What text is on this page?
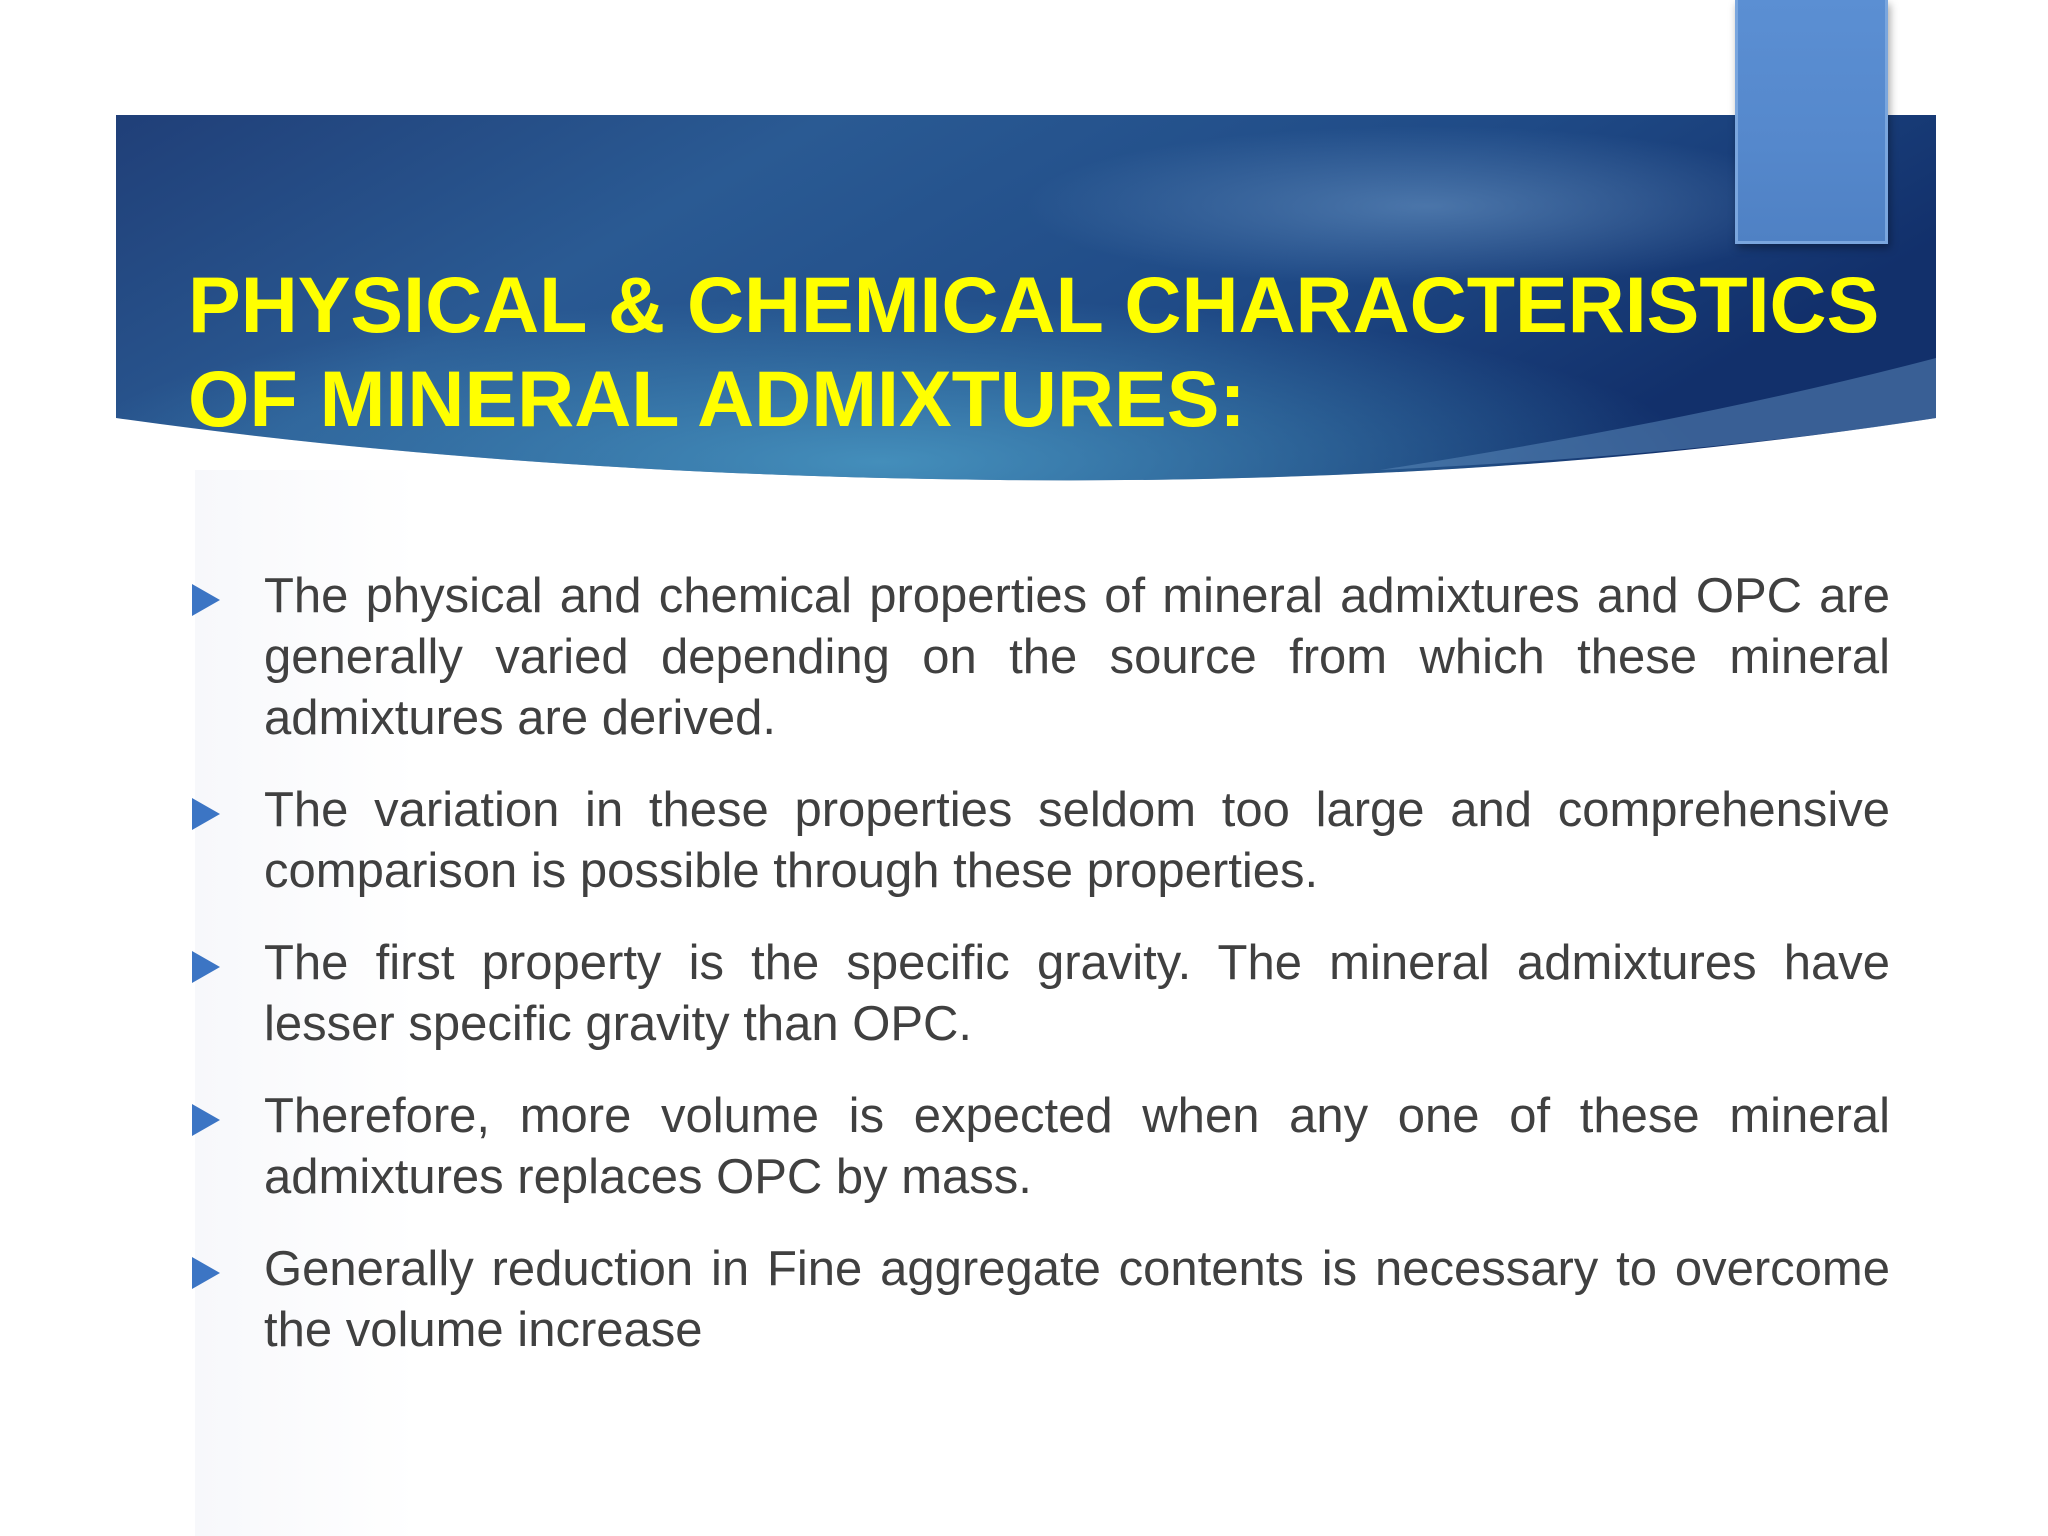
PHYSICAL & CHEMICAL CHARACTERISTICS OF MINERAL ADMIXTURES:
The physical and chemical properties of mineral admixtures and OPC are generally varied depending on the source from which these mineral admixtures are derived.
The variation in these properties seldom too large and comprehensive comparison is possible through these properties.
The first property is the specific gravity. The mineral admixtures have lesser specific gravity than OPC.
Therefore, more volume is expected when any one of these mineral admixtures replaces OPC by mass.
Generally reduction in Fine aggregate contents is necessary to overcome the volume increase
